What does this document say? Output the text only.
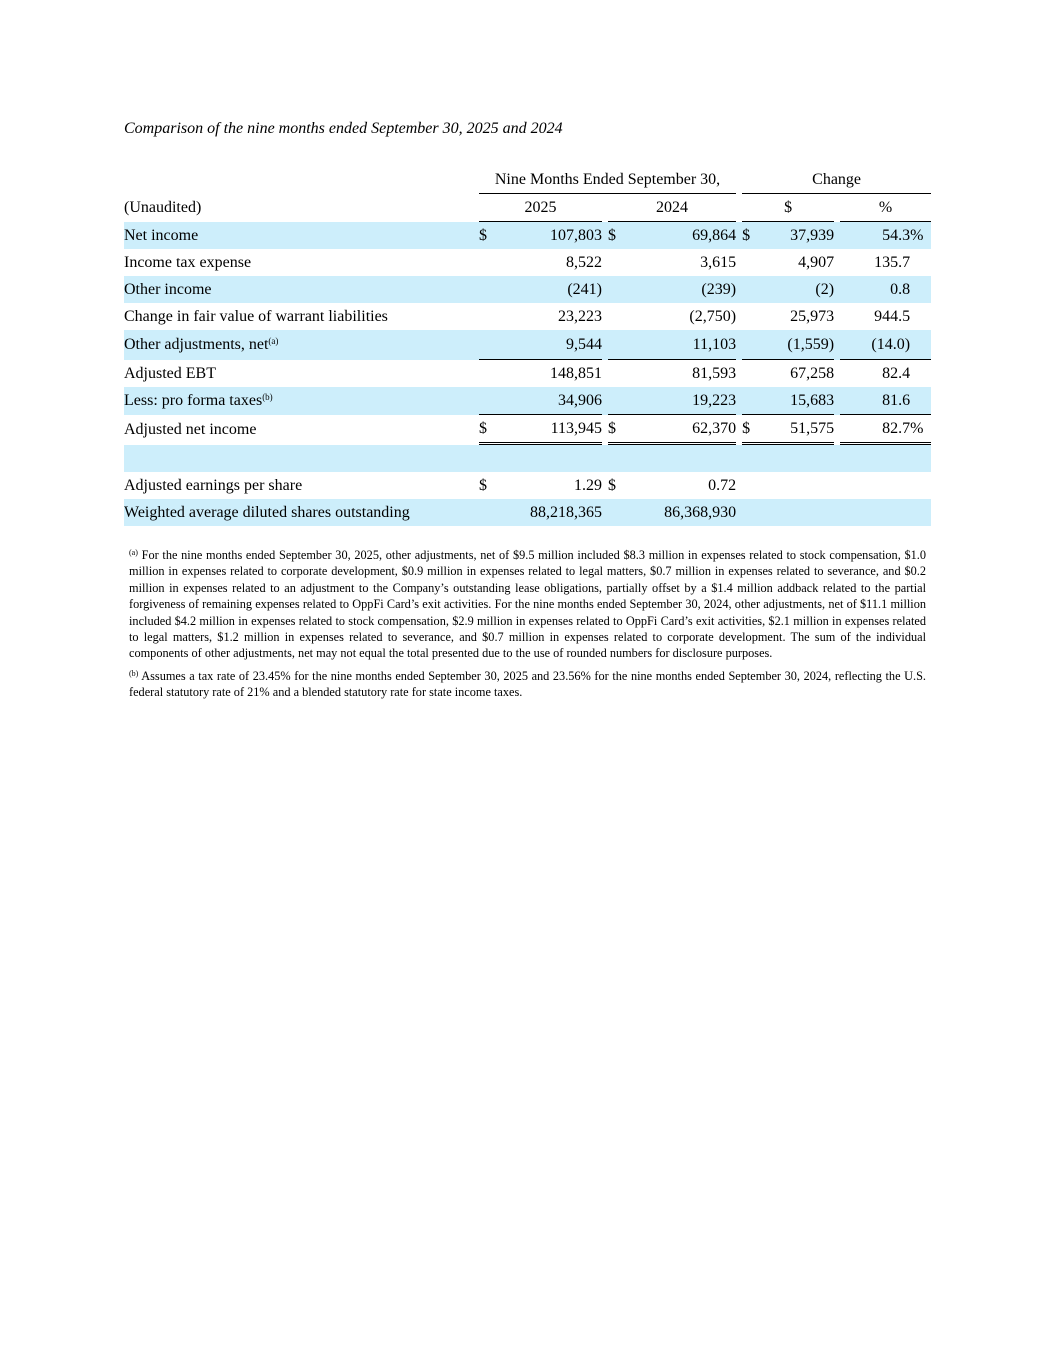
Comparison of the nine months ended September 30, 2025 and 2024
		Nine Months Ended September 30,						Change				
(Unaudited)		2025			2024			$			%	
Net income		$	107,803		$	69,864		$	37,939		54.3	%
Income tax expense			8,522			3,615			4,907		135.7	
Other income			(241)			(239)			(2)		0.8	
Change in fair value of warrant liabilities			23,223			(2,750)			25,973		944.5	
Other adjustments, net$^{(a)}$			9,544			11,103			(1,559)		(14.0)	
Adjusted EBT			148,851			81,593			67,258		82.4	
Less: pro forma taxes$^{(b)}$			34,906			19,223			15,683		81.6	
Adjusted net income		$	113,945		$	62,370		$	51,575		82.7	%

Adjusted earnings per share		$	1.29		$	0.72						
Weighted average diluted shares outstanding		88,218,365			86,368,930							

$^{(a)}$ For the nine months ended September 30, 2025, other adjustments, net of $9.5 million included $8.3 million in expenses related to stock compensation, $1.0 million in expenses related to corporate development, $0.9 million in expenses related to legal matters, $0.7 million in expenses related to severance, and $0.2 million in expenses related to an adjustment to the Company’s outstanding lease obligations, partially offset by a $1.4 million addback related to the partial forgiveness of remaining expenses related to OppFi Card’s exit activities. For the nine months ended September 30, 2024, other adjustments, net of $11.1 million included $4.2 million in expenses related to stock compensation, $2.9 million in expenses related to OppFi Card’s exit activities, $2.1 million in expenses related to legal matters, $1.2 million in expenses related to severance, and $0.7 million in expenses related to corporate development. The sum of the individual components of other adjustments, net may not equal the total presented due to the use of rounded numbers for disclosure purposes.

$^{(b)}$ Assumes a tax rate of 23.45% for the nine months ended September 30, 2025 and 23.56% for the nine months ended September 30, 2024, reflecting the U.S. federal statutory rate of 21% and a blended statutory rate for state income taxes.
